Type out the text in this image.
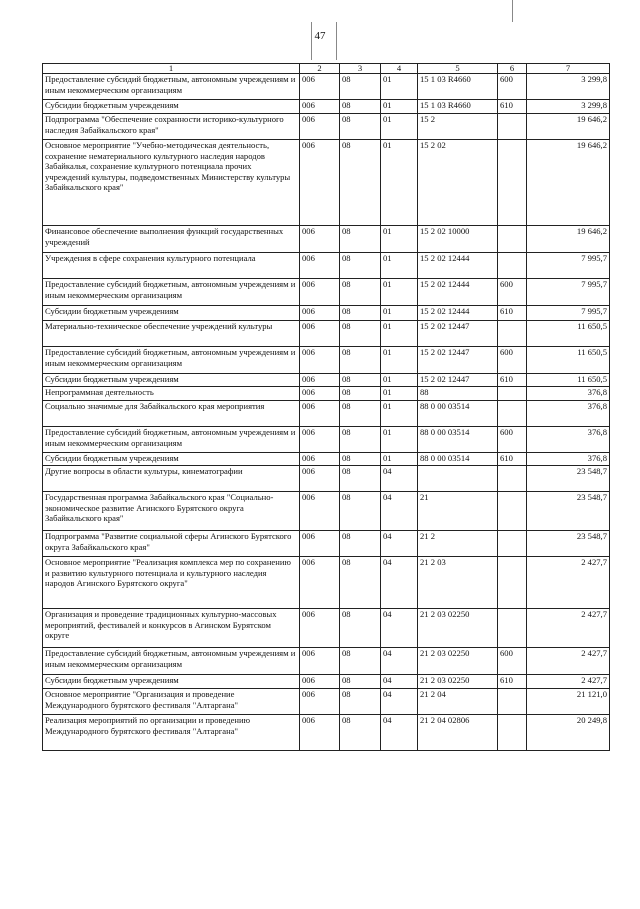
47
1	2	3	4	5	6	7
Предоставление субсидий бюджетным, автономным учреждениям и иным некоммерческим организациям	006	08	01	15 1 03 R4660	600	3 299,8
Субсидии бюджетным учреждениям	006	08	01	15 1 03 R4660	610	3 299,8
Подпрограмма "Обеспечение сохранности историко-культурного наследия Забайкальского края"	006	08	01	15 2		19 646,2
Основное мероприятие "Учебно-методическая деятельность, сохранение нематериального культурного наследия народов Забайкалья, сохранение культурного потенциала прочих учреждений культуры, подведомственных Министерству культуры Забайкальского края"	006	08	01	15 2 02		19 646,2
Финансовое обеспечение выполнения функций государственных учреждений	006	08	01	15 2 02 10000		19 646,2
Учреждения в сфере сохранения культурного потенциала	006	08	01	15 2 02 12444		7 995,7
Предоставление субсидий бюджетным, автономным учреждениям и иным некоммерческим организациям	006	08	01	15 2 02 12444	600	7 995,7
Субсидии бюджетным учреждениям	006	08	01	15 2 02 12444	610	7 995,7
Материально-техническое обеспечение учреждений культуры	006	08	01	15 2 02 12447		11 650,5
Предоставление субсидий бюджетным, автономным учреждениям и иным некоммерческим организациям	006	08	01	15 2 02 12447	600	11 650,5
Субсидии бюджетным учреждениям	006	08	01	15 2 02 12447	610	11 650,5
Непрограммная деятельность	006	08	01	88		376,8
Социально значимые для Забайкальского края мероприятия	006	08	01	88 0 00 03514		376,8
Предоставление субсидий бюджетным, автономным учреждениям и иным некоммерческим организациям	006	08	01	88 0 00 03514	600	376,8
Субсидии бюджетным учреждениям	006	08	01	88 0 00 03514	610	376,8
Другие вопросы в области культуры, кинематографии	006	08	04			23 548,7
Государственная программа Забайкальского края "Социально-экономическое развитие Агинского Бурятского округа Забайкальского края"	006	08	04	21		23 548,7
Подпрограмма "Развитие социальной сферы Агинского Бурятского округа Забайкальского края"	006	08	04	21 2		23 548,7
Основное мероприятие "Реализация комплекса мер по сохранению и развитию культурного потенциала и культурного наследия народов Агинского Бурятского округа"	006	08	04	21 2 03		2 427,7
Организация и проведение традиционных культурно-массовых мероприятий, фестивалей и конкурсов в Агинском Бурятском округе	006	08	04	21 2 03 02250		2 427,7
Предоставление субсидий бюджетным, автономным учреждениям и иным некоммерческим организациям	006	08	04	21 2 03 02250	600	2 427,7
Субсидии бюджетным учреждениям	006	08	04	21 2 03 02250	610	2 427,7
Основное мероприятие "Организация и проведение Международного бурятского фестиваля "Алтаргана"	006	08	04	21 2 04		21 121,0
Реализация мероприятий по организации и проведению Международного бурятского фестиваля "Алтаргана"	006	08	04	21 2 04 02806		20 249,8
